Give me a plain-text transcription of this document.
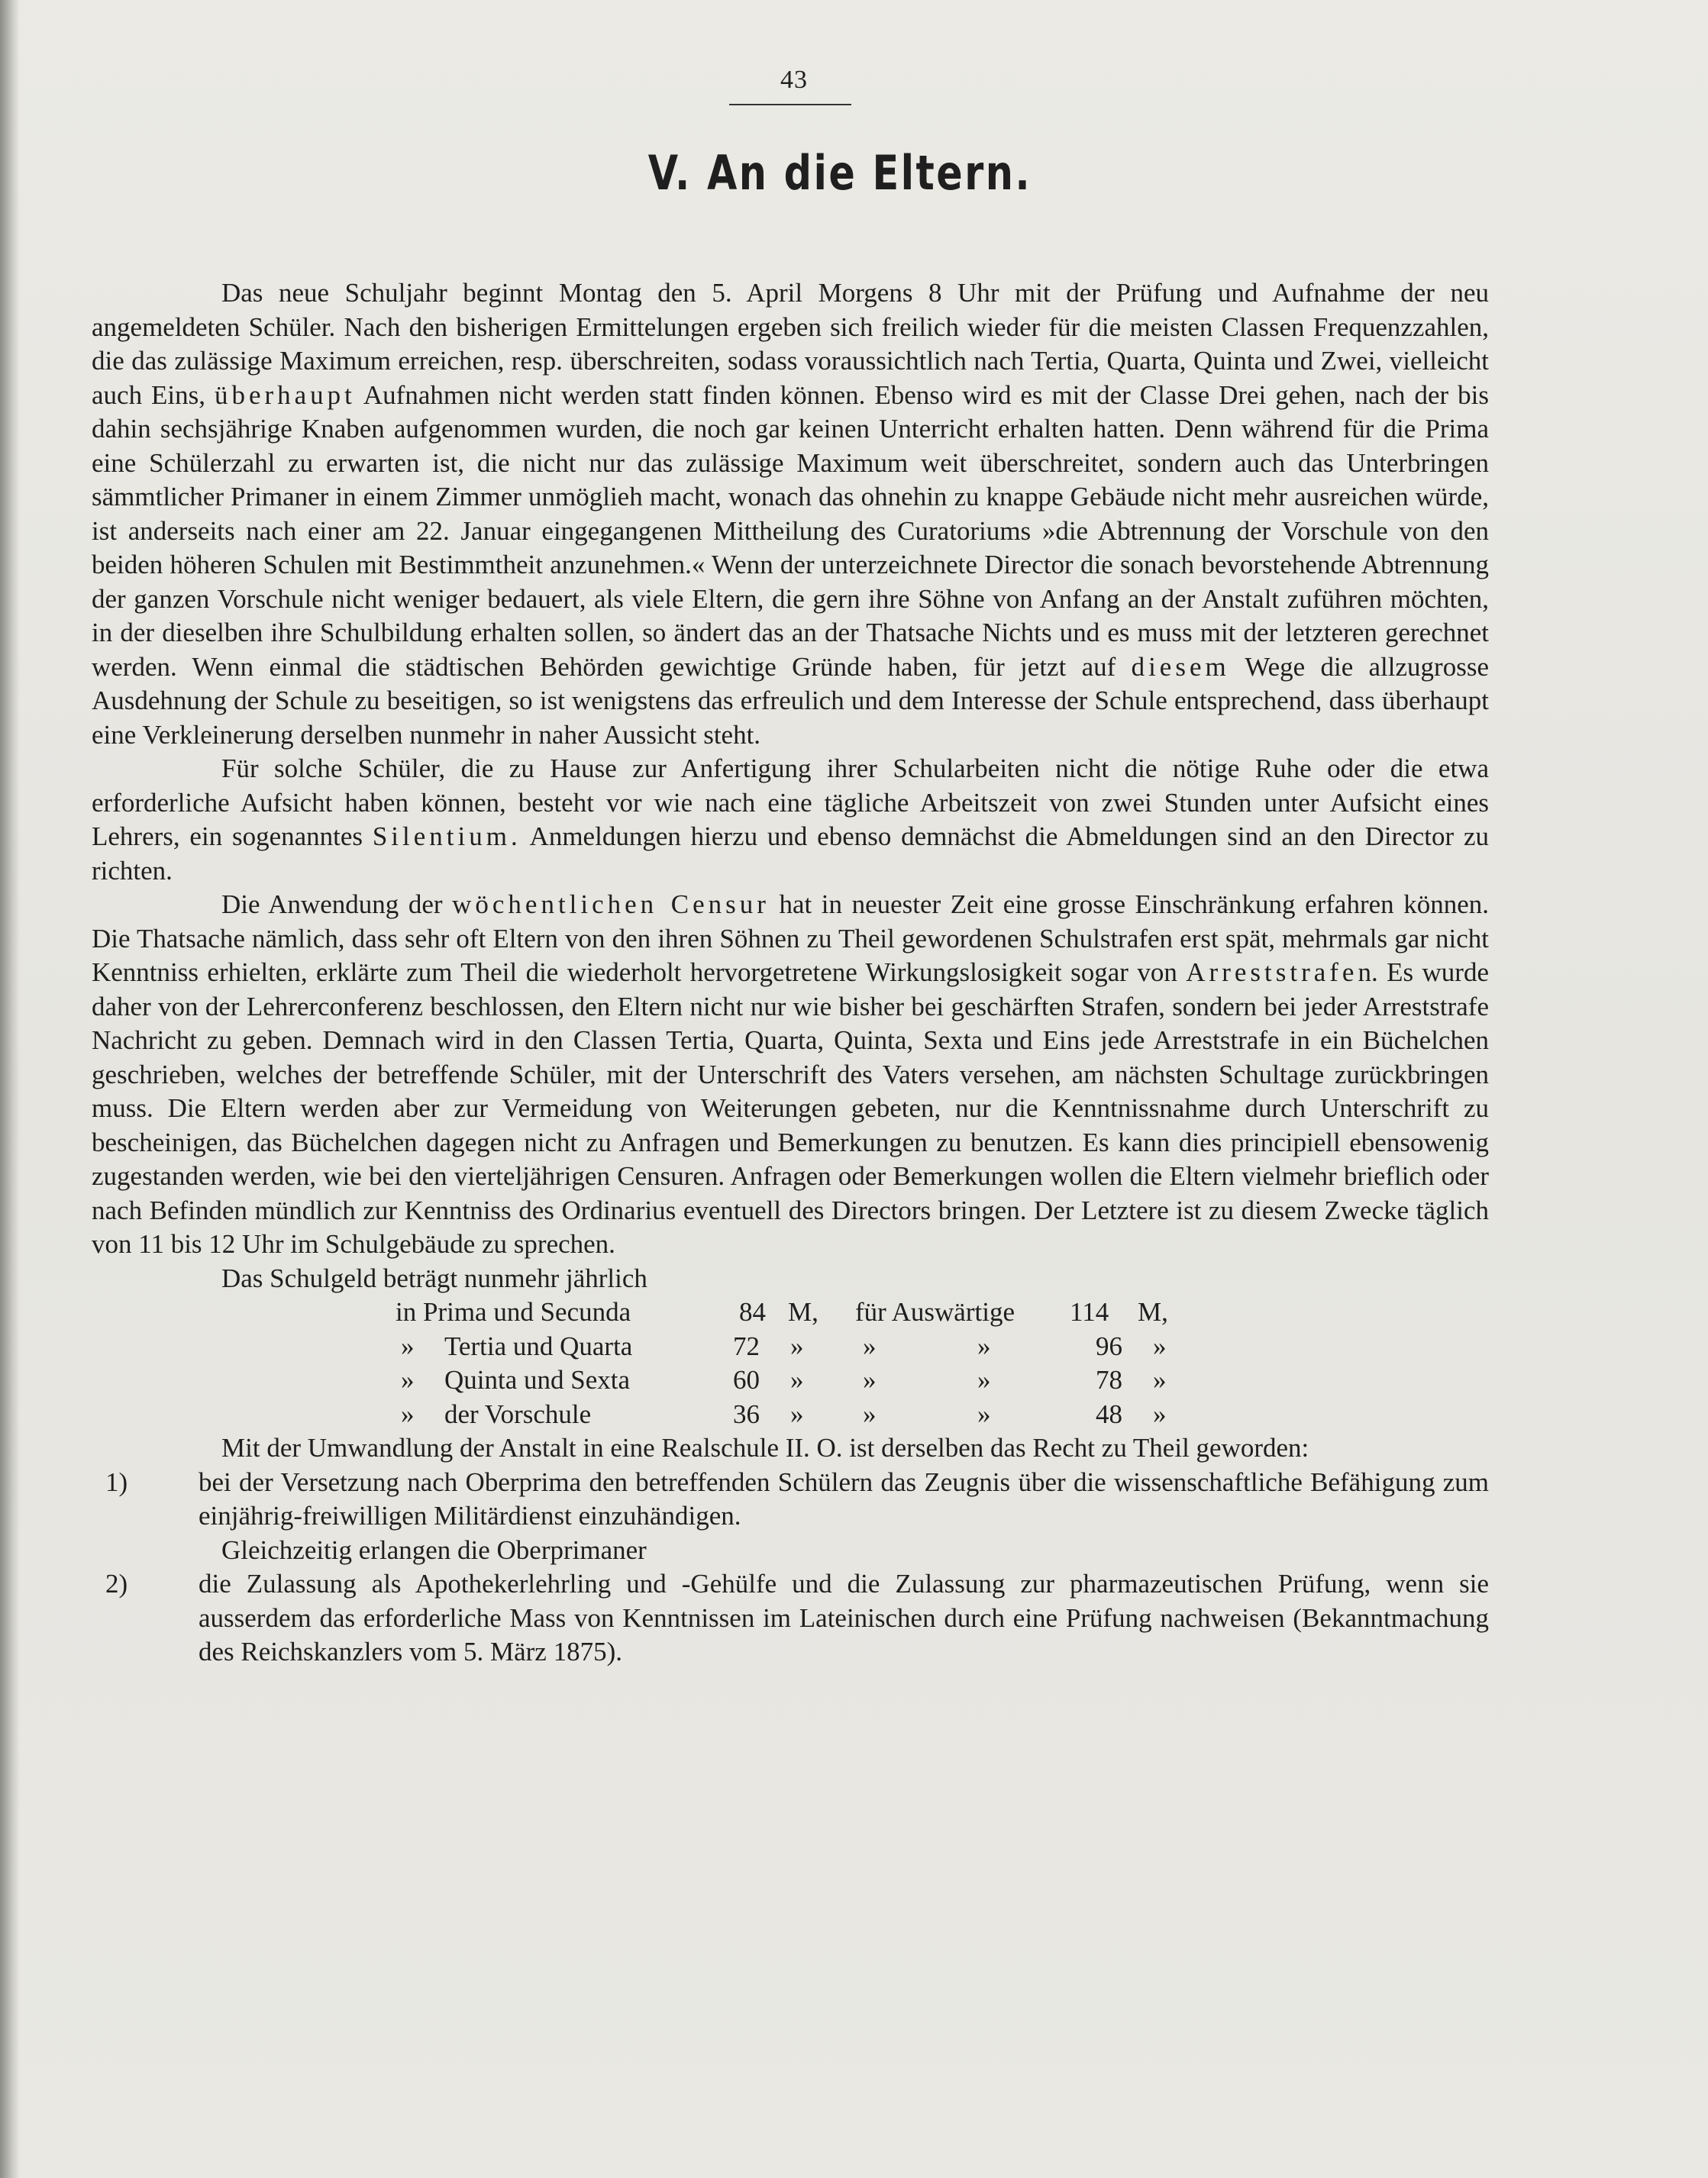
43
V. An die Eltern.

Das neue Schuljahr beginnt Montag den 5. April Morgens 8 Uhr mit der Prüfung und Aufnahme der neu angemeldeten Schüler. Nach den bisherigen Ermittelungen ergeben sich freilich wieder für die meisten Classen Frequenzzahlen, die das zulässige Maximum erreichen, resp. überschreiten, sodass voraussichtlich nach Tertia, Quarta, Quinta und Zwei, vielleicht auch Eins, überhaupt Aufnahmen nicht werden statt finden können. Ebenso wird es mit der Classe Drei gehen, nach der bis dahin sechsjährige Knaben aufgenommen wurden, die noch gar keinen Unterricht erhalten hatten. Denn während für die Prima eine Schülerzahl zu erwarten ist, die nicht nur das zulässige Maximum weit überschreitet, sondern auch das Unterbringen sämmtlicher Primaner in einem Zimmer unmöglieh macht, wonach das ohnehin zu knappe Gebäude nicht mehr ausreichen würde, ist anderseits nach einer am 22. Januar eingegangenen Mittheilung des Curatoriums »die Abtrennung der Vorschule von den beiden höheren Schulen mit Bestimmtheit anzunehmen.« Wenn der unterzeichnete Director die sonach bevorstehende Abtrennung der ganzen Vorschule nicht weniger bedauert, als viele Eltern, die gern ihre Söhne von Anfang an der Anstalt zuführen möchten, in der dieselben ihre Schulbildung erhalten sollen, so ändert das an der Thatsache Nichts und es muss mit der letzteren gerechnet werden. Wenn einmal die städtischen Behörden gewichtige Gründe haben, für jetzt auf diesem Wege die allzugrosse Ausdehnung der Schule zu beseitigen, so ist wenigstens das erfreulich und dem Interesse der Schule entsprechend, dass überhaupt eine Verkleinerung derselben nunmehr in naher Aussicht steht.

Für solche Schüler, die zu Hause zur Anfertigung ihrer Schularbeiten nicht die nötige Ruhe oder die etwa erforderliche Aufsicht haben können, besteht vor wie nach eine tägliche Arbeitszeit von zwei Stunden unter Aufsicht eines Lehrers, ein sogenanntes Silentium. Anmeldungen hierzu und ebenso demnächst die Abmeldungen sind an den Director zu richten.

Die Anwendung der wöchentlichen Censur hat in neuester Zeit eine grosse Einschränkung erfahren können. Die Thatsache nämlich, dass sehr oft Eltern von den ihren Söhnen zu Theil gewordenen Schulstrafen erst spät, mehrmals gar nicht Kenntniss erhielten, erklärte zum Theil die wiederholt hervorgetretene Wirkungslosigkeit sogar von Arreststrafen. Es wurde daher von der Lehrerconferenz beschlossen, den Eltern nicht nur wie bisher bei geschärften Strafen, sondern bei jeder Arreststrafe Nachricht zu geben. Demnach wird in den Classen Tertia, Quarta, Quinta, Sexta und Eins jede Arreststrafe in ein Büchelchen geschrieben, welches der betreffende Schüler, mit der Unterschrift des Vaters versehen, am nächsten Schultage zurückbringen muss. Die Eltern werden aber zur Vermeidung von Weiterungen gebeten, nur die Kenntnissnahme durch Unterschrift zu bescheinigen, das Büchelchen dagegen nicht zu Anfragen und Bemerkungen zu benutzen. Es kann dies principiell ebensowenig zugestanden werden, wie bei den vierteljährigen Censuren. Anfragen oder Bemerkungen wollen die Eltern vielmehr brieflich oder nach Befinden mündlich zur Kenntniss des Ordinarius eventuell des Directors bringen. Der Letztere ist zu diesem Zwecke täglich von 11 bis 12 Uhr im Schulgebäude zu sprechen.

Das Schulgeld beträgt nunmehr jährlich

in Prima und Secunda	84 M, für Auswärtige 114 M,
» Tertia und Quarta	72 » »	»	96 »
» Quinta und Sexta	60 » »	»	78 »
» der Vorschule	36 » »	»	48 »

Mit der Umwandlung der Anstalt in eine Realschule II. O. ist derselben das Recht zu Theil geworden:

1)	bei der Versetzung nach Oberprima den betreffenden Schülern das Zeugnis über die wissenschaftliche Befähigung zum einjährig-freiwilligen Militärdienst einzuhändigen.

Gleichzeitig erlangen die Oberprimaner

2)	die Zulassung als Apothekerlehrling und -Gehülfe und die Zulassung zur pharmazeutischen Prüfung, wenn sie ausserdem das erforderliche Mass von Kenntnissen im Lateinischen durch eine Prüfung nachweisen (Bekanntmachung des Reichskanzlers vom 5. März 1875).
